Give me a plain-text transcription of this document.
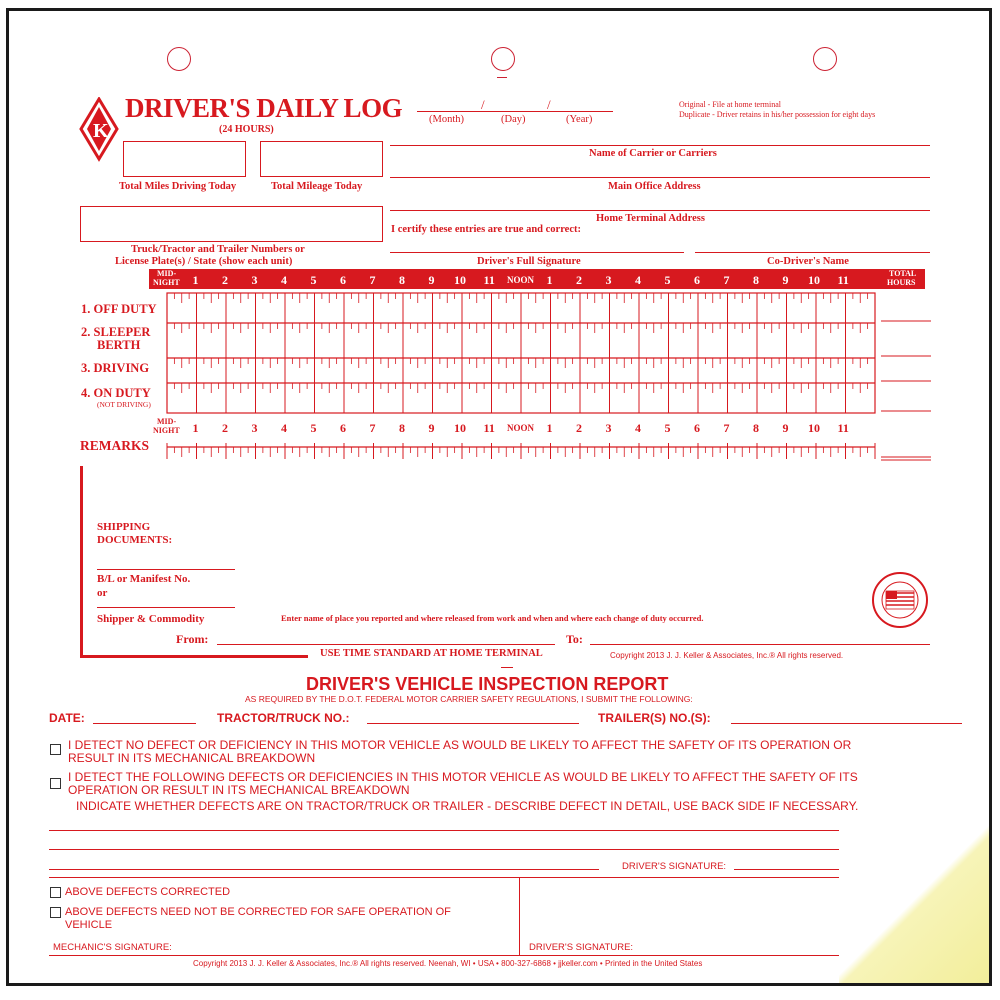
K
DRIVER'S DAILY LOG
(24 HOURS)
/	/
(Month)	(Day)	(Year)
Original - File at home terminal
Duplicate - Driver retains in his/her possession for eight days
Total Miles Driving Today	Total Mileage Today
Name of Carrier or Carriers
Main Office Address
Home Terminal Address
I certify these entries are true and correct:
Truck/Tractor and Trailer Numbers or
License Plate(s) / State (show each unit)	Driver's Full Signature	Co-Driver's Name
MID-
NIGHT
TOTAL
HOURS
1 2 3 4 5 6 7 8 9 10 11 NOON 1 2 3 4 5 6 7 8 9 10 11
1 2 3 4 5 6 7 8 9 10 11 NOON 1 2 3 4 5 6 7 8 9 10 11
MID-
NIGHT
1. OFF DUTY
2. SLEEPER
BERTH
3. DRIVING
4. ON DUTY
(NOT DRIVING)
REMARKS
SHIPPING
DOCUMENTS:
B/L or Manifest No.
or
Shipper & Commodity	Enter name of place you reported and where released from work and when and where each change of duty occurred.
From:	To:
USE TIME STANDARD AT HOME TERMINAL	Copyright 2013 J. J. Keller & Associates, Inc.® All rights reserved.
DRIVER'S VEHICLE INSPECTION REPORT
AS REQUIRED BY THE D.O.T. FEDERAL MOTOR CARRIER SAFETY REGULATIONS, I SUBMIT THE FOLLOWING:
DATE:	TRACTOR/TRUCK NO.:	TRAILER(S) NO.(S):
I DETECT NO DEFECT OR DEFICIENCY IN THIS MOTOR VEHICLE AS WOULD BE LIKELY TO AFFECT THE SAFETY OF ITS OPERATION OR
RESULT IN ITS MECHANICAL BREAKDOWN
I DETECT THE FOLLOWING DEFECTS OR DEFICIENCIES IN THIS MOTOR VEHICLE AS WOULD BE LIKELY TO AFFECT THE SAFETY OF ITS
OPERATION OR RESULT IN ITS MECHANICAL BREAKDOWN
INDICATE WHETHER DEFECTS ARE ON TRACTOR/TRUCK OR TRAILER - DESCRIBE DEFECT IN DETAIL, USE BACK SIDE IF NECESSARY.
DRIVER'S SIGNATURE:
ABOVE DEFECTS CORRECTED
ABOVE DEFECTS NEED NOT BE CORRECTED FOR SAFE OPERATION OF
VEHICLE
MECHANIC'S SIGNATURE:	DRIVER'S SIGNATURE:
Copyright 2013 J. J. Keller & Associates, Inc.® All rights reserved. Neenah, WI • USA • 800-327-6868 • jjkeller.com • Printed in the United States
